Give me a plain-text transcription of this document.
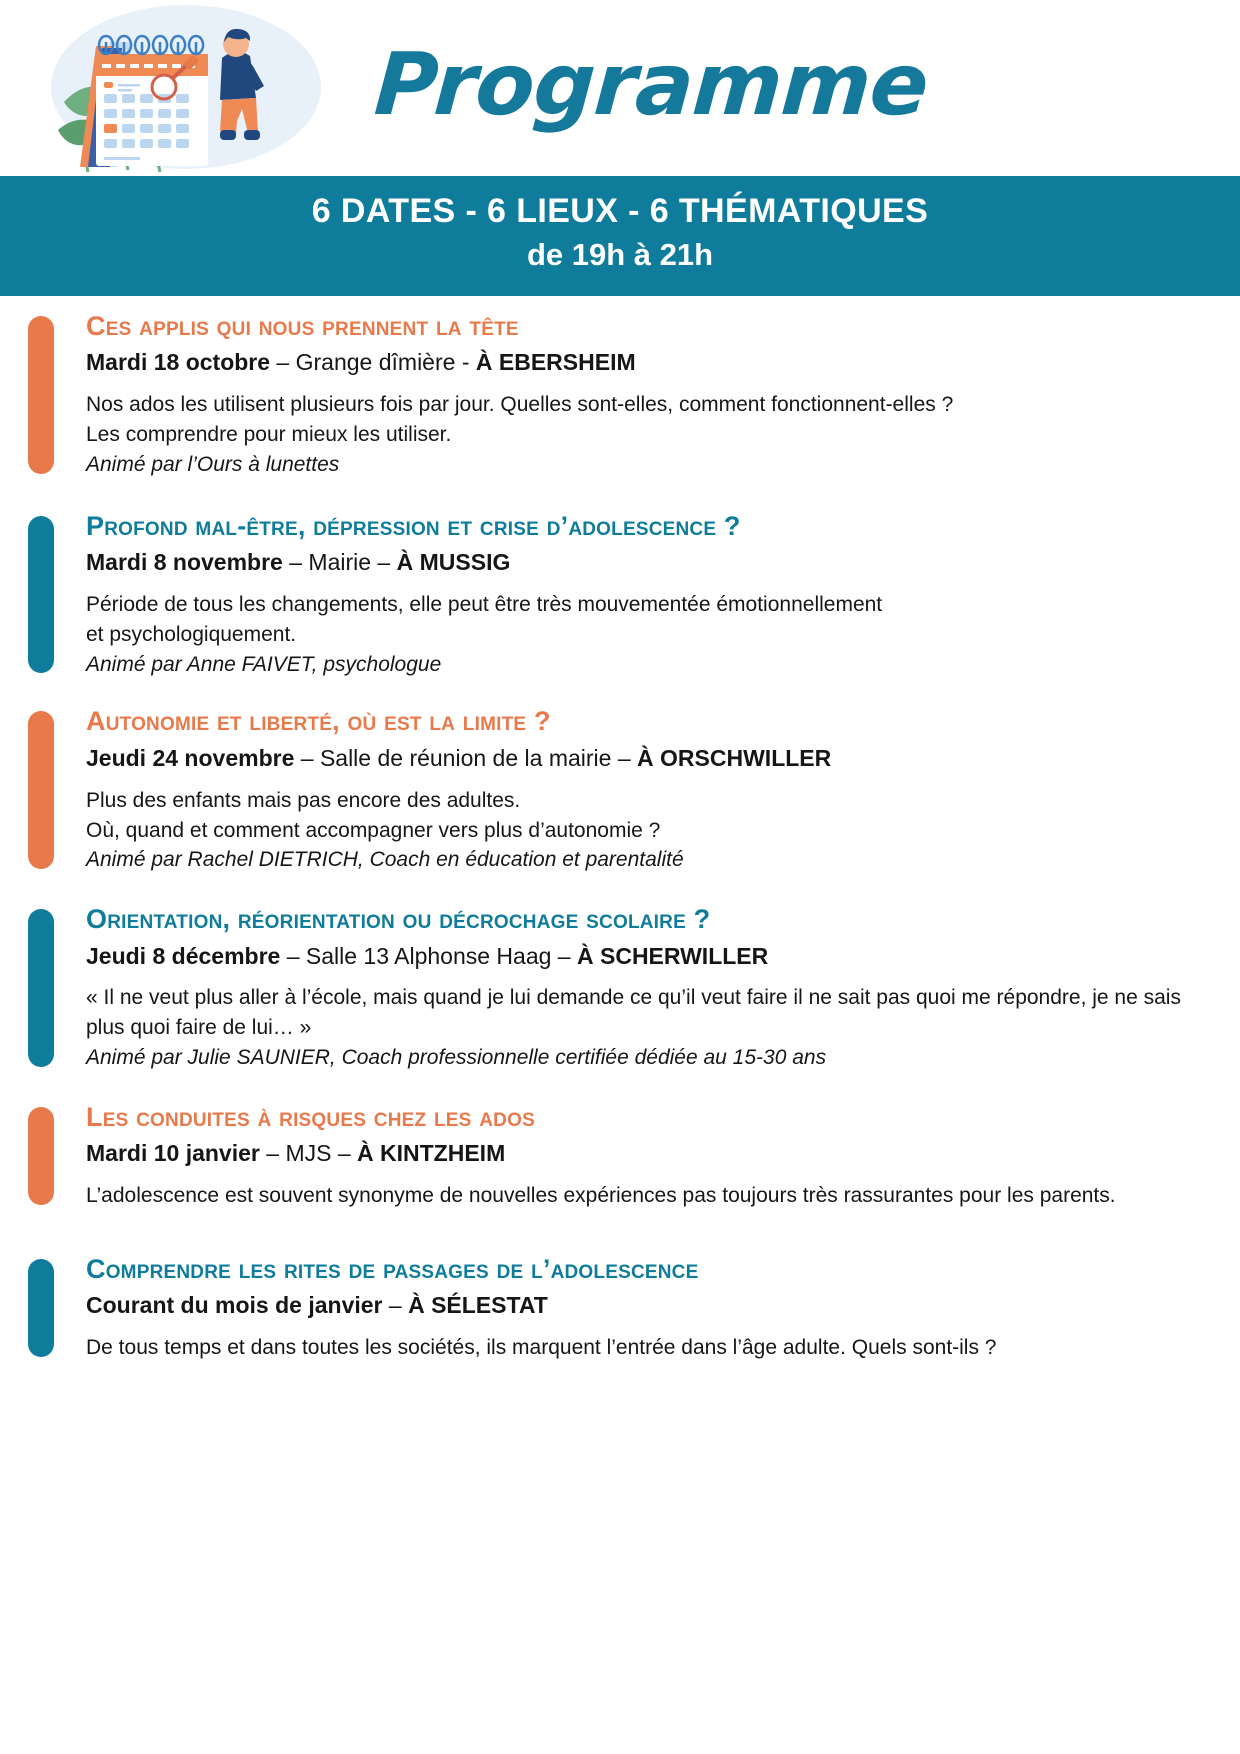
Programme
6 DATES - 6 LIEUX - 6 THÉMATIQUES
de 19h à 21h
Ces applis qui nous prennent la tête
Mardi 18 octobre – Grange dîmière - À EBERSHEIM

Nos ados les utilisent plusieurs fois par jour. Quelles sont-elles, comment fonctionnent-elles ?

Les comprendre pour mieux les utiliser.

Animé par l’Ours à lunettes
Profond mal-être, dépression et crise d’adolescence ?
Mardi 8 novembre – Mairie – À MUSSIG

Période de tous les changements, elle peut être très mouvementée émotionnellement

et psychologiquement.

Animé par Anne FAIVET, psychologue
Autonomie et liberté, où est la limite ?
Jeudi 24 novembre – Salle de réunion de la mairie – À ORSCHWILLER

Plus des enfants mais pas encore des adultes.

Où, quand et comment accompagner vers plus d’autonomie ?

Animé par Rachel DIETRICH, Coach en éducation et parentalité
Orientation, réorientation ou décrochage scolaire ?
Jeudi 8 décembre – Salle 13 Alphonse Haag – À SCHERWILLER

« Il ne veut plus aller à l’école, mais quand je lui demande ce qu’il veut faire il ne sait pas quoi me répondre, je ne sais plus quoi faire de lui… »

Animé par Julie SAUNIER, Coach professionnelle certifiée dédiée au 15-30 ans
Les conduites à risques chez les ados
Mardi 10 janvier – MJS – À KINTZHEIM

L’adolescence est souvent synonyme de nouvelles expériences pas toujours très rassurantes pour les parents.

Comprendre les rites de passages de l’adolescence
Courant du mois de janvier – À SÉLESTAT

De tous temps et dans toutes les sociétés, ils marquent l’entrée dans l’âge adulte. Quels sont-ils ?
